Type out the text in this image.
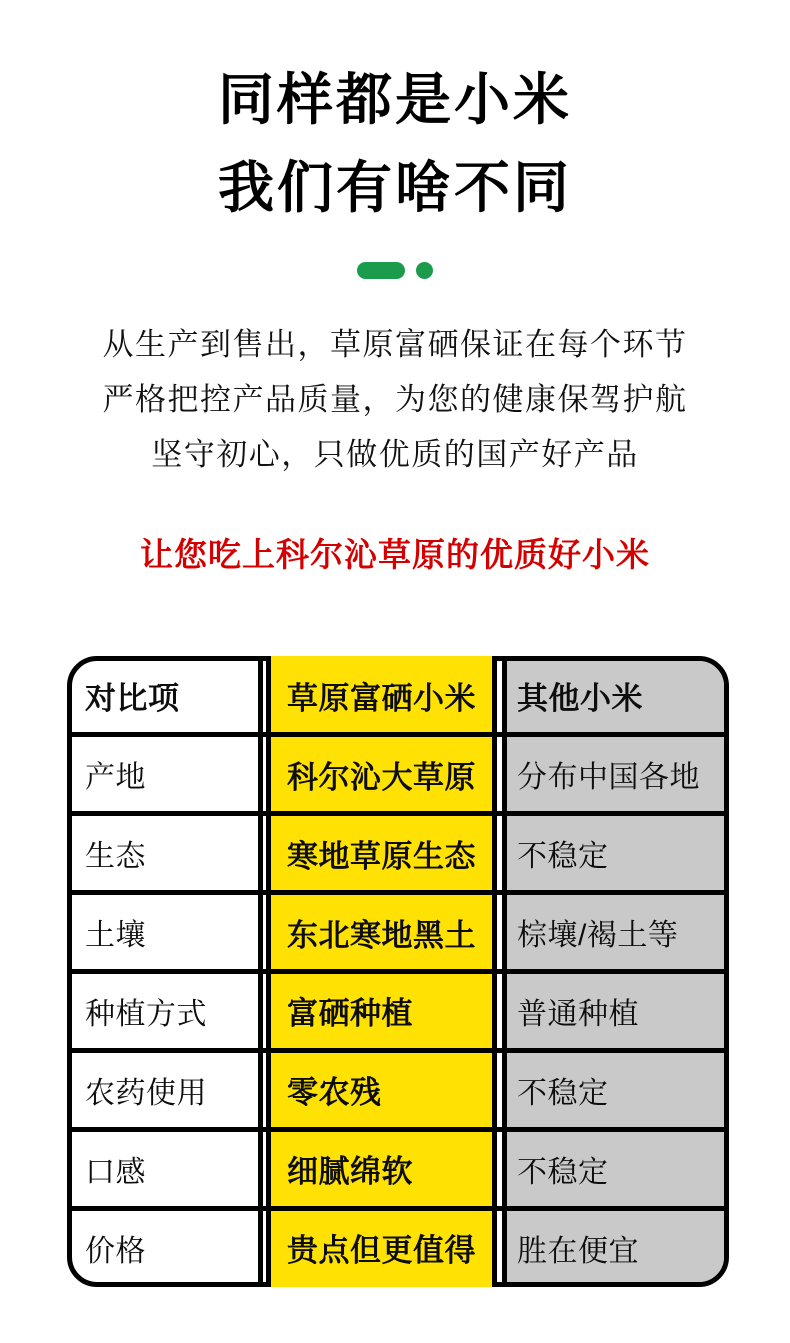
同样都是小米
我们有啥不同
从生产到售出，草原富硒保证在每个环节
严格把控产品质量，为您的健康保驾护航
坚守初心，只做优质的国产好产品
让您吃上科尔沁草原的优质好小米
对比项	草原富硒小米	其他小米
产地	科尔沁大草原	分布中国各地
生态	寒地草原生态	不稳定
土壤	东北寒地黑土	棕壤/褐土等
种植方式	富硒种植	普通种植
农药使用	零农残	不稳定
口感	细腻绵软	不稳定
价格	贵点但更值得	胜在便宜
